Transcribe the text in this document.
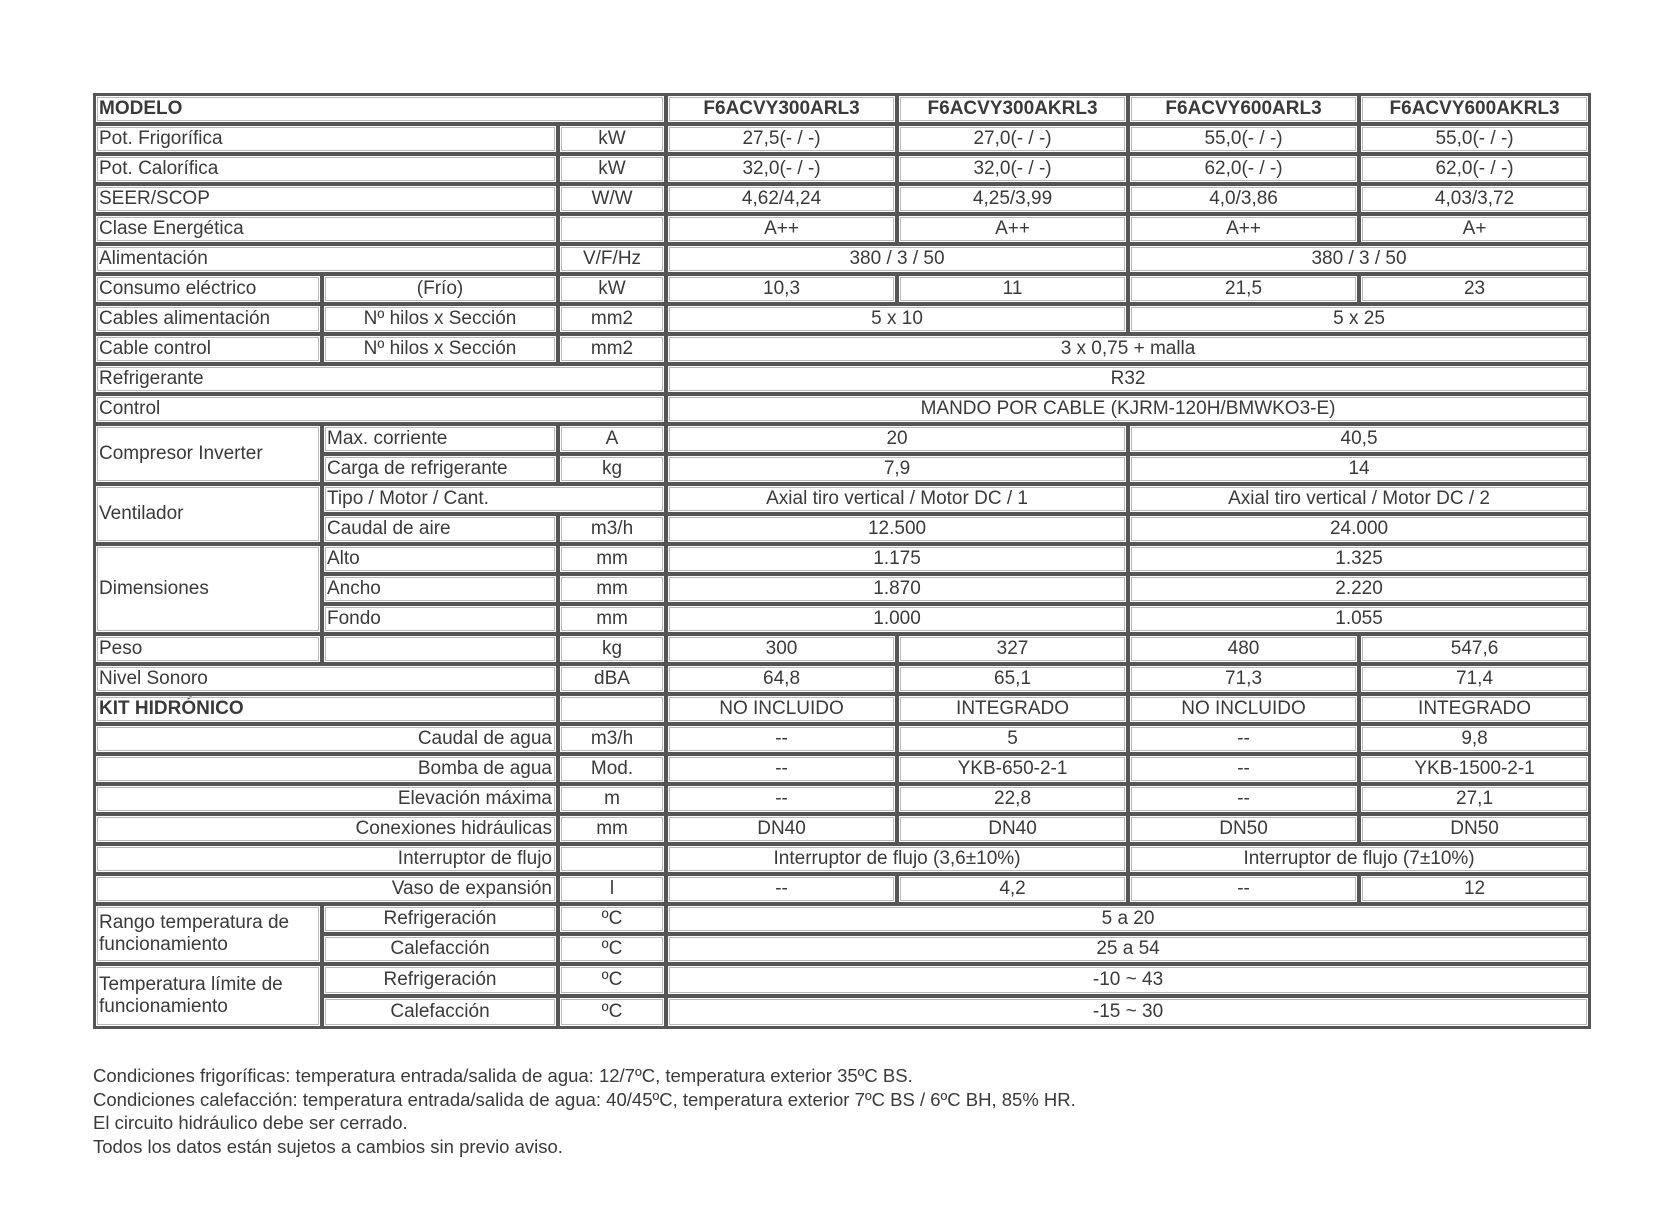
MODELO			F6ACVY300ARL3	F6ACVY300AKRL3	F6ACVY600ARL3	F6ACVY600AKRL3
Pot. Frigorífica		kW	27,5(- / -)	27,0(- / -)	55,0(- / -)	55,0(- / -)
Pot. Calorífica		kW	32,0(- / -)	32,0(- / -)	62,0(- / -)	62,0(- / -)
SEER/SCOP		W/W	4,62/4,24	4,25/3,99	4,0/3,86	4,03/3,72
Clase Energética			A++	A++	A++	A+
Alimentación		V/F/Hz	380 / 3 / 50		380 / 3 / 50	
Consumo eléctrico	(Frío)	kW	10,3	11	21,5	23
Cables alimentación	Nº hilos x Sección	mm2	5 x 10		5 x 25	
Cable control	Nº hilos x Sección	mm2	3 x 0,75 + malla			
Refrigerante			R32			
Control			MANDO POR CABLE (KJRM-120H/BMWKO3-E)			
Compresor Inverter	Max. corriente	A	20		40,5	
	Carga de refrigerante	kg	7,9		14	
Ventilador	Tipo / Motor / Cant.		Axial tiro vertical / Motor DC / 1		Axial tiro vertical / Motor DC / 2	
	Caudal de aire	m3/h	12.500		24.000	
Dimensiones	Alto	mm	1.175		1.325	
	Ancho	mm	1.870		2.220	
	Fondo	mm	1.000		1.055	
Peso		kg	300	327	480	547,6
Nivel Sonoro		dBA	64,8	65,1	71,3	71,4
KIT HIDRÓNICO			NO INCLUIDO	INTEGRADO	NO INCLUIDO	INTEGRADO
Caudal de agua		m3/h	--	5	--	9,8
Bomba de agua		Mod.	--	YKB-650-2-1	--	YKB-1500-2-1
Elevación máxima		m	--	22,8	--	27,1
Conexiones hidráulicas		mm	DN40	DN40	DN50	DN50
Interruptor de flujo			Interruptor de flujo (3,6±10%)		Interruptor de flujo (7±10%)	
Vaso de expansión		l	--	4,2	--	12
Rango temperatura de funcionamiento	Refrigeración	ºC	5 a 20			
	Calefacción	ºC	25 a 54			
Temperatura límite de funcionamiento	Refrigeración	ºC	-10 ~ 43			
	Calefacción	ºC	-15 ~ 30			
Condiciones frigoríficas: temperatura entrada/salida de agua: 12/7ºC, temperatura exterior 35ºC BS.
Condiciones calefacción: temperatura entrada/salida de agua: 40/45ºC, temperatura exterior 7ºC BS / 6ºC BH, 85% HR.
El circuito hidráulico debe ser cerrado.
Todos los datos están sujetos a cambios sin previo aviso.
